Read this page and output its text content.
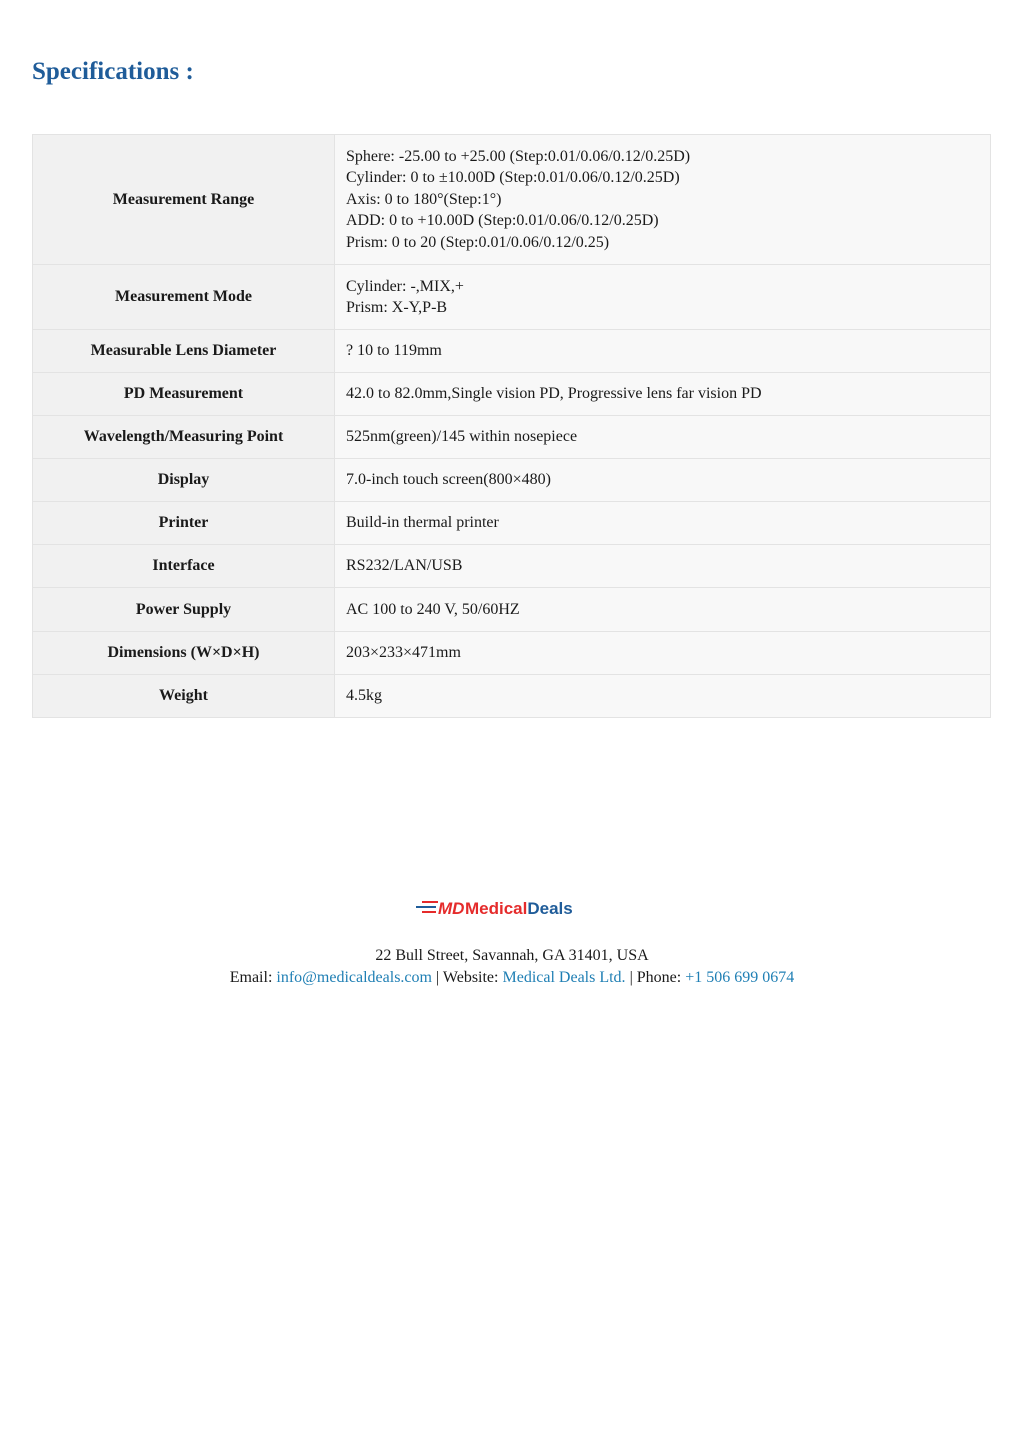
Specifications :
Measurement Range	Sphere: -25.00 to +25.00 (Step:0.01/0.06/0.12/0.25D)
Cylinder: 0 to ±10.00D (Step:0.01/0.06/0.12/0.25D)
Axis: 0 to 180°(Step:1°)
ADD: 0 to +10.00D (Step:0.01/0.06/0.12/0.25D)
Prism: 0 to 20 (Step:0.01/0.06/0.12/0.25)

Measurement Mode	Cylinder: -,MIX,+
Prism: X-Y,P-B

Measurable Lens Diameter	? 10 to 119mm

PD Measurement	42.0 to 82.0mm,Single vision PD, Progressive lens far vision PD

Wavelength/Measuring Point	525nm(green)/145 within nosepiece

Display	7.0-inch touch screen(800×480)

Printer	Build-in thermal printer

Interface	RS232/LAN/USB

Power Supply	AC 100 to 240 V, 50/60HZ

Dimensions (W×D×H)	203×233×471mm

Weight	4.5kg
MD MedicalDeals
22 Bull Street, Savannah, GA 31401, USA
Email: info@medicaldeals.com | Website: Medical Deals Ltd. | Phone: +1 506 699 0674
